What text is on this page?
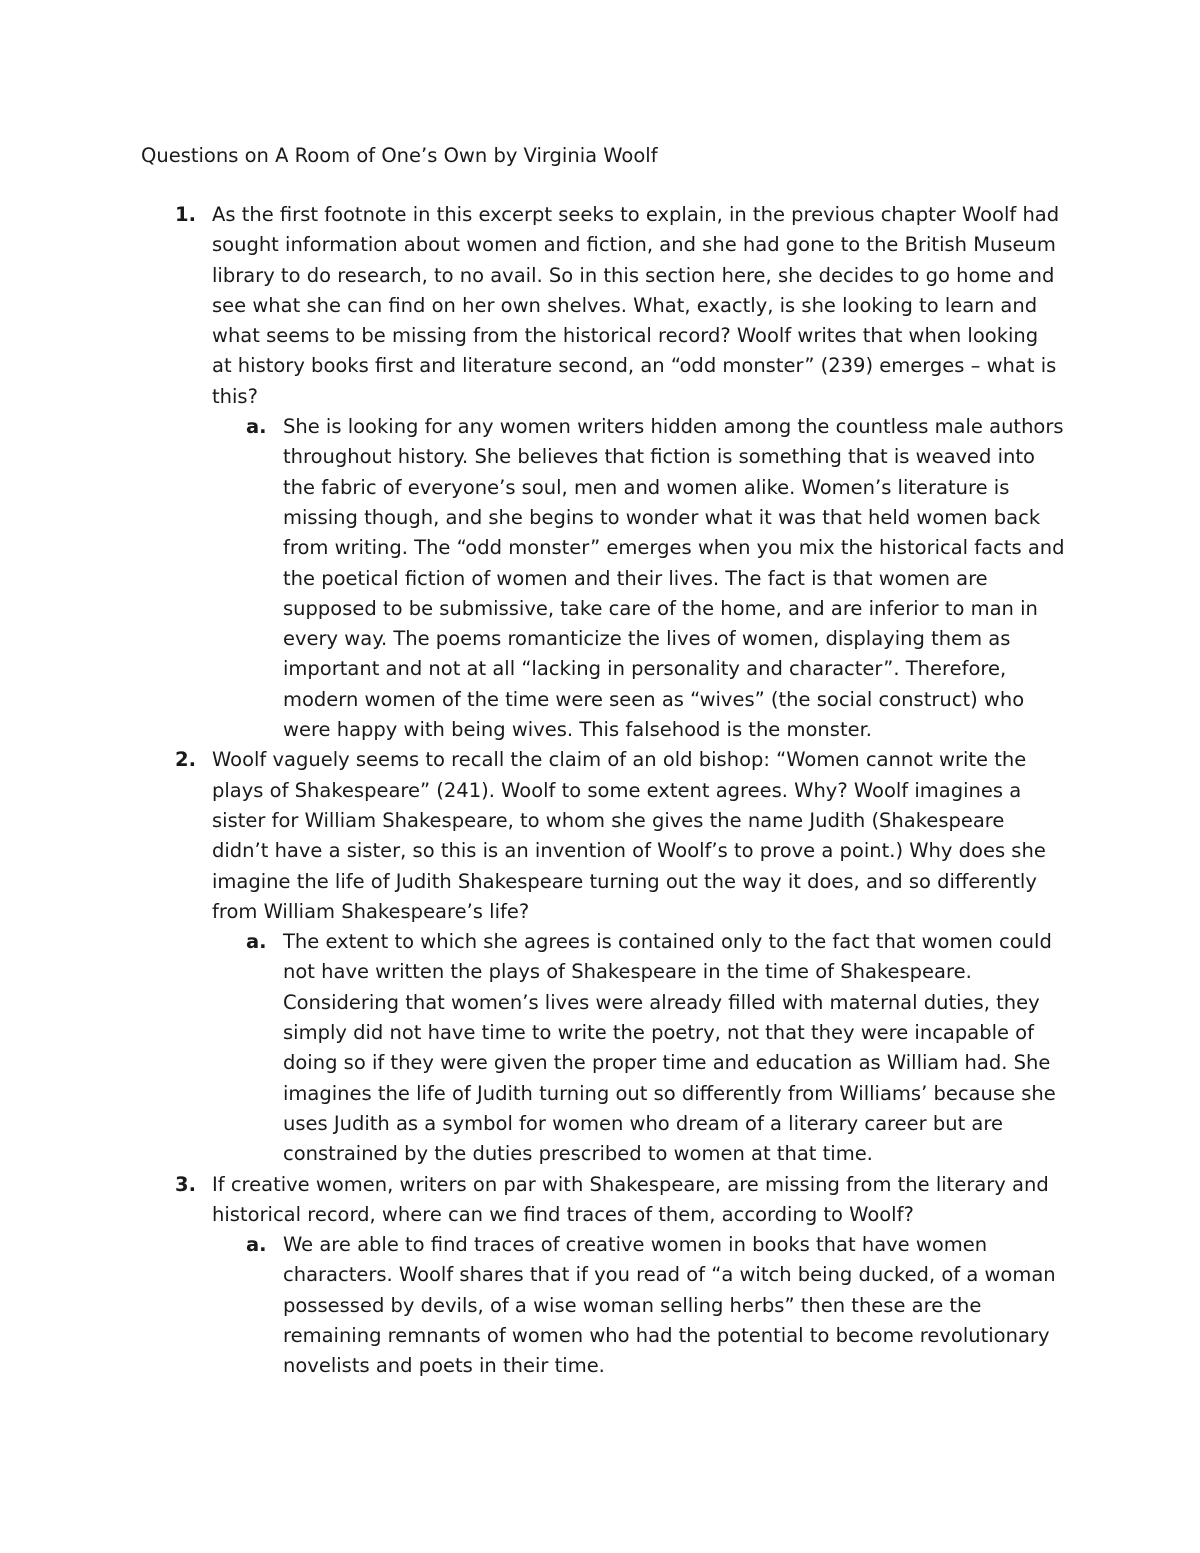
Questions on A Room of One’s Own by Virginia Woolf
1. As the first footnote in this excerpt seeks to explain, in the previous chapter Woolf had sought information about women and fiction, and she had gone to the British Museum library to do research, to no avail. So in this section here, she decides to go home and see what she can find on her own shelves. What, exactly, is she looking to learn and what seems to be missing from the historical record? Woolf writes that when looking at history books first and literature second, an “odd monster” (239) emerges – what is this?

a. She is looking for any women writers hidden among the countless male authors throughout history. She believes that fiction is something that is weaved into the fabric of everyone’s soul, men and women alike. Women’s literature is missing though, and she begins to wonder what it was that held women back from writing. The “odd monster” emerges when you mix the historical facts and the poetical fiction of women and their lives. The fact is that women are supposed to be submissive, take care of the home, and are inferior to man in every way. The poems romanticize the lives of women, displaying them as important and not at all “lacking in personality and character”. Therefore, modern women of the time were seen as “wives” (the social construct) who were happy with being wives. This falsehood is the monster.

2. Woolf vaguely seems to recall the claim of an old bishop: “Women cannot write the plays of Shakespeare” (241). Woolf to some extent agrees. Why? Woolf imagines a sister for William Shakespeare, to whom she gives the name Judith (Shakespeare didn’t have a sister, so this is an invention of Woolf’s to prove a point.) Why does she imagine the life of Judith Shakespeare turning out the way it does, and so differently from William Shakespeare’s life?

a. The extent to which she agrees is contained only to the fact that women could not have written the plays of Shakespeare in the time of Shakespeare. Considering that women’s lives were already filled with maternal duties, they simply did not have time to write the poetry, not that they were incapable of doing so if they were given the proper time and education as William had. She imagines the life of Judith turning out so differently from Williams’ because she uses Judith as a symbol for women who dream of a literary career but are constrained by the duties prescribed to women at that time.

3. If creative women, writers on par with Shakespeare, are missing from the literary and historical record, where can we find traces of them, according to Woolf?

a. We are able to find traces of creative women in books that have women characters. Woolf shares that if you read of “a witch being ducked, of a woman possessed by devils, of a wise woman selling herbs” then these are the remaining remnants of women who had the potential to become revolutionary novelists and poets in their time.
